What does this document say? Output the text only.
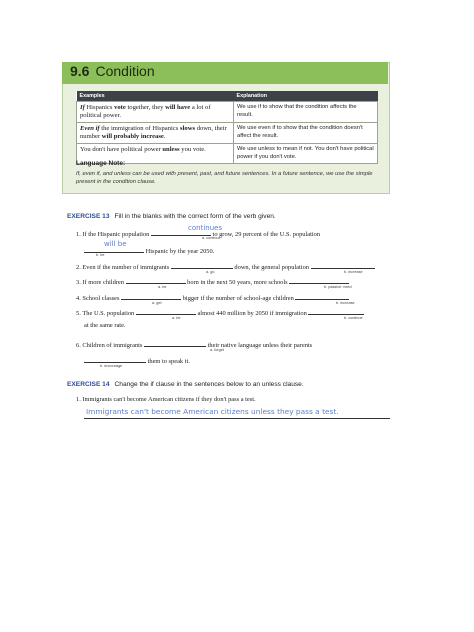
9.6 Condition
Examples	Explanation
If Hispanics vote together, they will have a lot of political power.	We use if to show that the condition affects the result.
Even if the immigration of Hispanics slows down, their number will probably increase.	We use even if to show that the condition doesn't affect the result.
You don't have political power unless you vote.	We use unless to mean if not. You don't have political power if you don't vote.
Language Note:
If, even if, and unless can be used with present, past, and future sentences. In a future sentence, we use the simple present in the condition clause.
EXERCISE 13 Fill in the blanks with the correct form of the verb given.
1. If the Hispanic population	to grow, 29 percent of the U.S. population
continues
a. continue
Hispanic by the year 2050.
will be
b. be
2. Even if the number of immigrants	down, the general population
a. go	b. increase
3. If more children	born in the next 50 years, more schools
a. be	b. passive: need
4. School classes	bigger if the number of school-age children
a. get	b. increase
5. The U.S. population	almost 440 million by 2050 if immigration
a. be	b. continue
at the same rate.
6. Children of immigrants	their native language unless their parents
a. forget
them to speak it.
b. encourage
EXERCISE 14 Change the if clause in the sentences below to an unless clause.
1. Immigrants can't become American citizens if they don't pass a test.
Immigrants can't become American citizens unless they pass a test.
